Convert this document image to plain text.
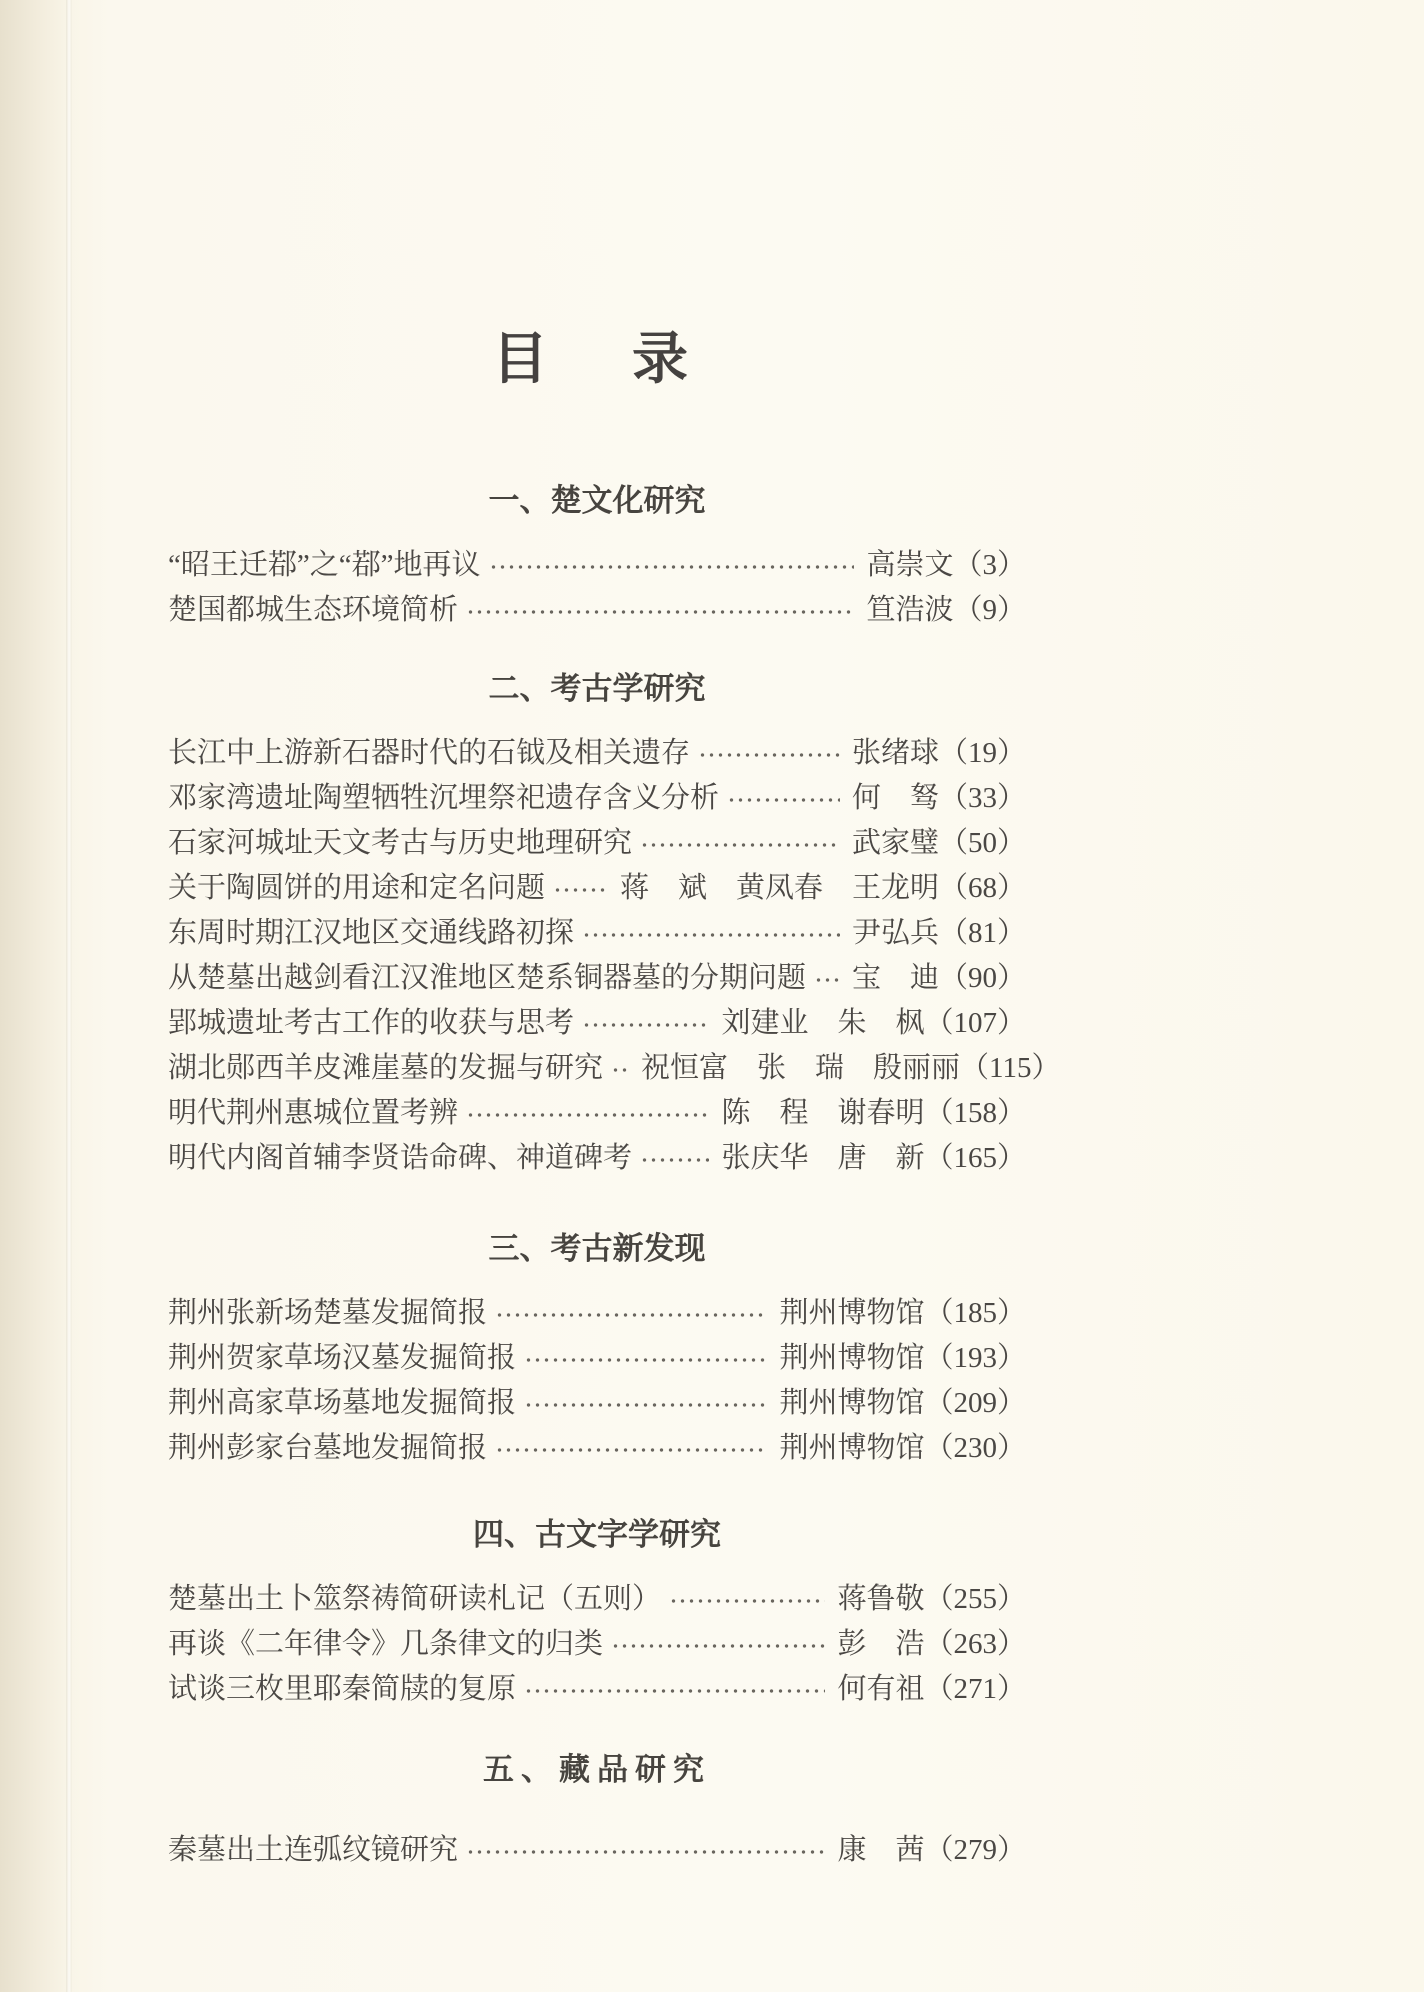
目　录
一、楚文化研究
“昭王迁鄀”之“鄀”地再议	高崇文 （3）
楚国都城生态环境简析	笪浩波 （9）
二、考古学研究
长江中上游新石器时代的石钺及相关遗存	张绪球 （19）
邓家湾遗址陶塑牺牲沉埋祭祀遗存含义分析	何　驽 （33）
石家河城址天文考古与历史地理研究	武家璧 （50）
关于陶圆饼的用途和定名问题	蒋　斌　黄凤春　王龙明 （68）
东周时期江汉地区交通线路初探	尹弘兵 （81）
从楚墓出越剑看江汉淮地区楚系铜器墓的分期问题 宝　迪 （90）
郢城遗址考古工作的收获与思考	刘建业　朱　枫 （107）
湖北郧西羊皮滩崖墓的发掘与研究 祝恒富　张　瑞　殷丽丽 （115）
明代荆州惠城位置考辨	陈　程　谢春明 （158）
明代内阁首辅李贤诰命碑、神道碑考	张庆华　唐　新 （165）
三、考古新发现
荆州张新场楚墓发掘简报	荆州博物馆 （185）
荆州贺家草场汉墓发掘简报	荆州博物馆 （193）
荆州高家草场墓地发掘简报	荆州博物馆 （209）
荆州彭家台墓地发掘简报	荆州博物馆 （230）
四、古文字学研究
楚墓出土卜筮祭祷简研读札记（五则）	蒋鲁敬 （255）
再谈《二年律令》几条律文的归类	彭　浩 （263）
试谈三枚里耶秦简牍的复原	何有祖 （271）
五、藏品研究
秦墓出土连弧纹镜研究	康　茜 （279）
